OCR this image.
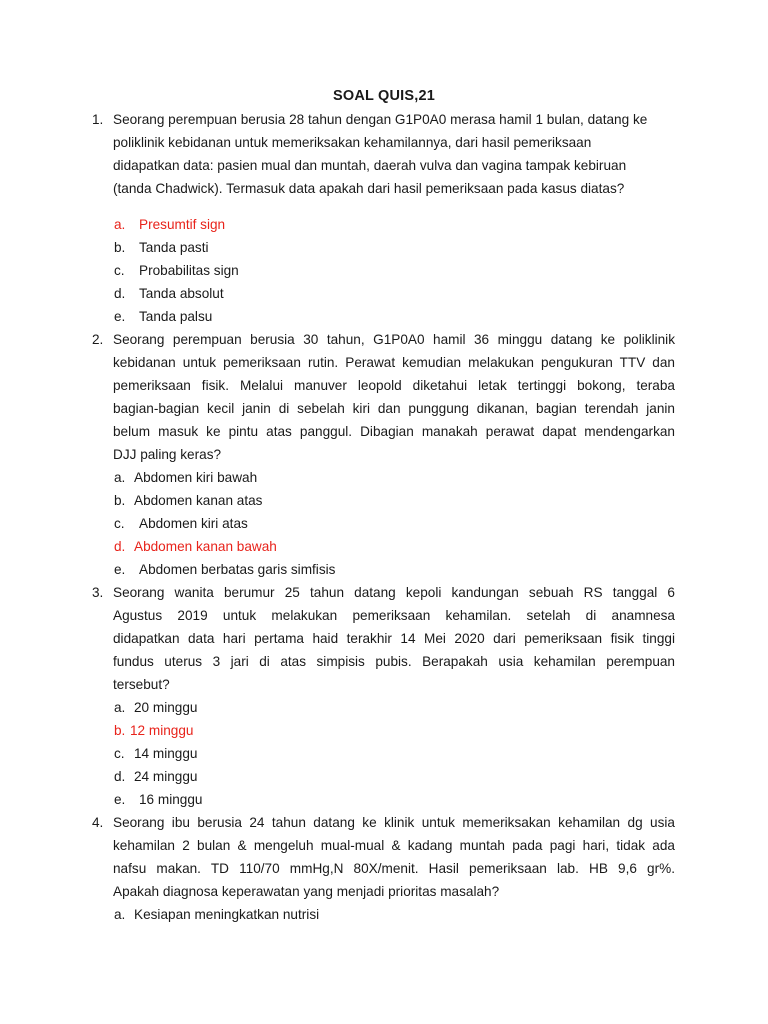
SOAL QUIS,21
1. Seorang perempuan berusia 28 tahun dengan G1P0A0 merasa hamil 1 bulan, datang ke
poliklinik kebidanan untuk memeriksakan kehamilannya, dari hasil pemeriksaan
didapatkan data: pasien mual dan muntah, daerah vulva dan vagina tampak kebiruan
(tanda Chadwick). Termasuk data apakah dari hasil pemeriksaan pada kasus diatas?
a. Presumtif sign
b. Tanda pasti
c. Probabilitas sign
d. Tanda absolut
e. Tanda palsu
2. Seorang perempuan berusia 30 tahun, G1P0A0 hamil 36 minggu datang ke poliklinik
kebidanan untuk pemeriksaan rutin. Perawat kemudian melakukan pengukuran TTV dan
pemeriksaan fisik. Melalui manuver leopold diketahui letak tertinggi bokong, teraba
bagian-bagian kecil janin di sebelah kiri dan punggung dikanan, bagian terendah janin
belum masuk ke pintu atas panggul. Dibagian manakah perawat dapat mendengarkan
DJJ paling keras?
a. Abdomen kiri bawah
b. Abdomen kanan atas
c. Abdomen kiri atas
d. Abdomen kanan bawah
e. Abdomen berbatas garis simfisis
3. Seorang wanita berumur 25 tahun datang kepoli kandungan sebuah RS tanggal 6
Agustus 2019 untuk melakukan pemeriksaan kehamilan. setelah di anamnesa
didapatkan data hari pertama haid terakhir 14 Mei 2020 dari pemeriksaan fisik tinggi
fundus uterus 3 jari di atas simpisis pubis. Berapakah usia kehamilan perempuan
tersebut?
a. 20 minggu
b. 12 minggu
c. 14 minggu
d. 24 minggu
e. 16 minggu
4. Seorang ibu berusia 24 tahun datang ke klinik untuk memeriksakan kehamilan dg usia
kehamilan 2 bulan & mengeluh mual-mual & kadang muntah pada pagi hari, tidak ada
nafsu makan. TD 110/70 mmHg,N 80X/menit. Hasil pemeriksaan lab. HB 9,6 gr%.
Apakah diagnosa keperawatan yang menjadi prioritas masalah?
a. Kesiapan meningkatkan nutrisi
